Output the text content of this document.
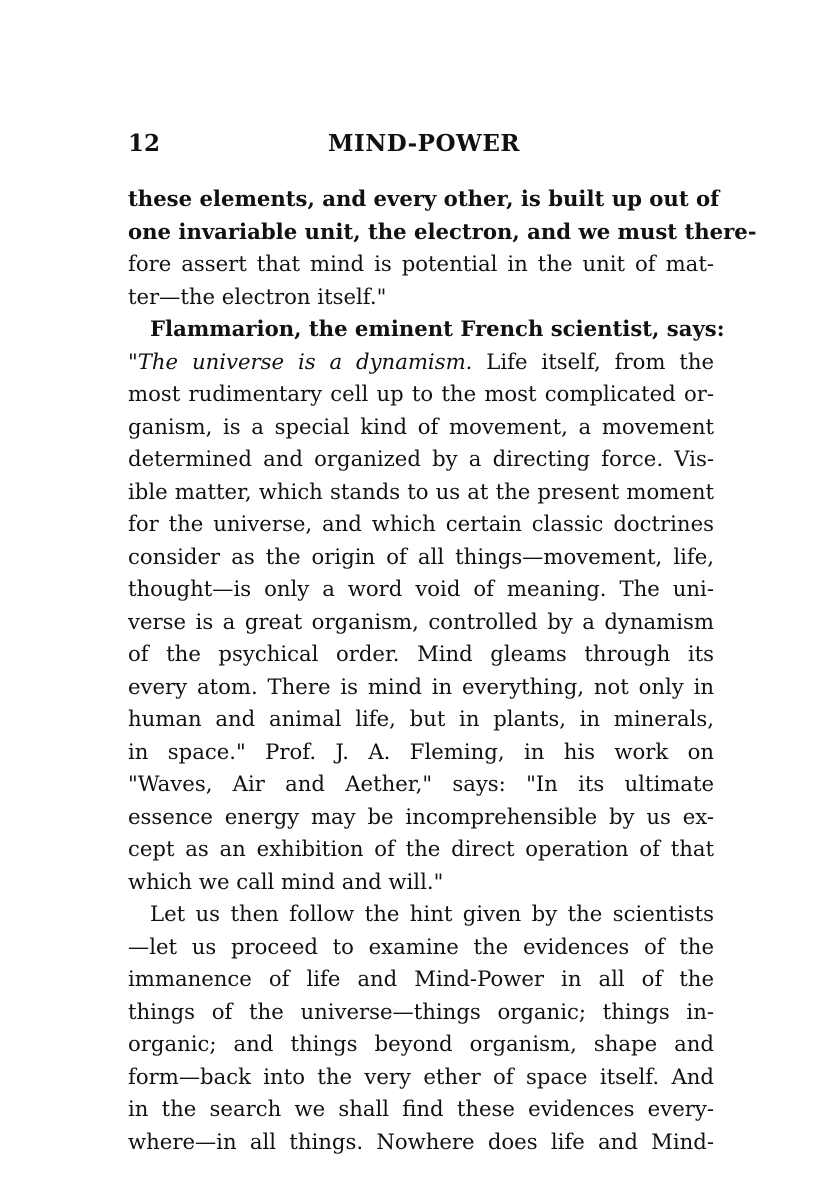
12	MIND-POWER
these elements, and every other, is built up out of
one invariable unit, the electron, and we must there-
fore assert that mind is potential in the unit of mat-
ter—the electron itself."
Flammarion, the eminent French scientist, says:
"The universe is a dynamism. Life itself, from the
most rudimentary cell up to the most complicated or-
ganism, is a special kind of movement, a movement
determined and organized by a directing force. Vis-
ible matter, which stands to us at the present moment
for the universe, and which certain classic doctrines
consider as the origin of all things—movement, life,
thought—is only a word void of meaning. The uni-
verse is a great organism, controlled by a dynamism
of the psychical order. Mind gleams through its
every atom. There is mind in everything, not only in
human and animal life, but in plants, in minerals,
in space." Prof. J. A. Fleming, in his work on
"Waves, Air and Aether," says: "In its ultimate
essence energy may be incomprehensible by us ex-
cept as an exhibition of the direct operation of that
which we call mind and will."
Let us then follow the hint given by the scientists
—let us proceed to examine the evidences of the
immanence of life and Mind-Power in all of the
things of the universe—things organic; things in-
organic; and things beyond organism, shape and
form—back into the very ether of space itself. And
in the search we shall find these evidences every-
where—in all things. Nowhere does life and Mind-
